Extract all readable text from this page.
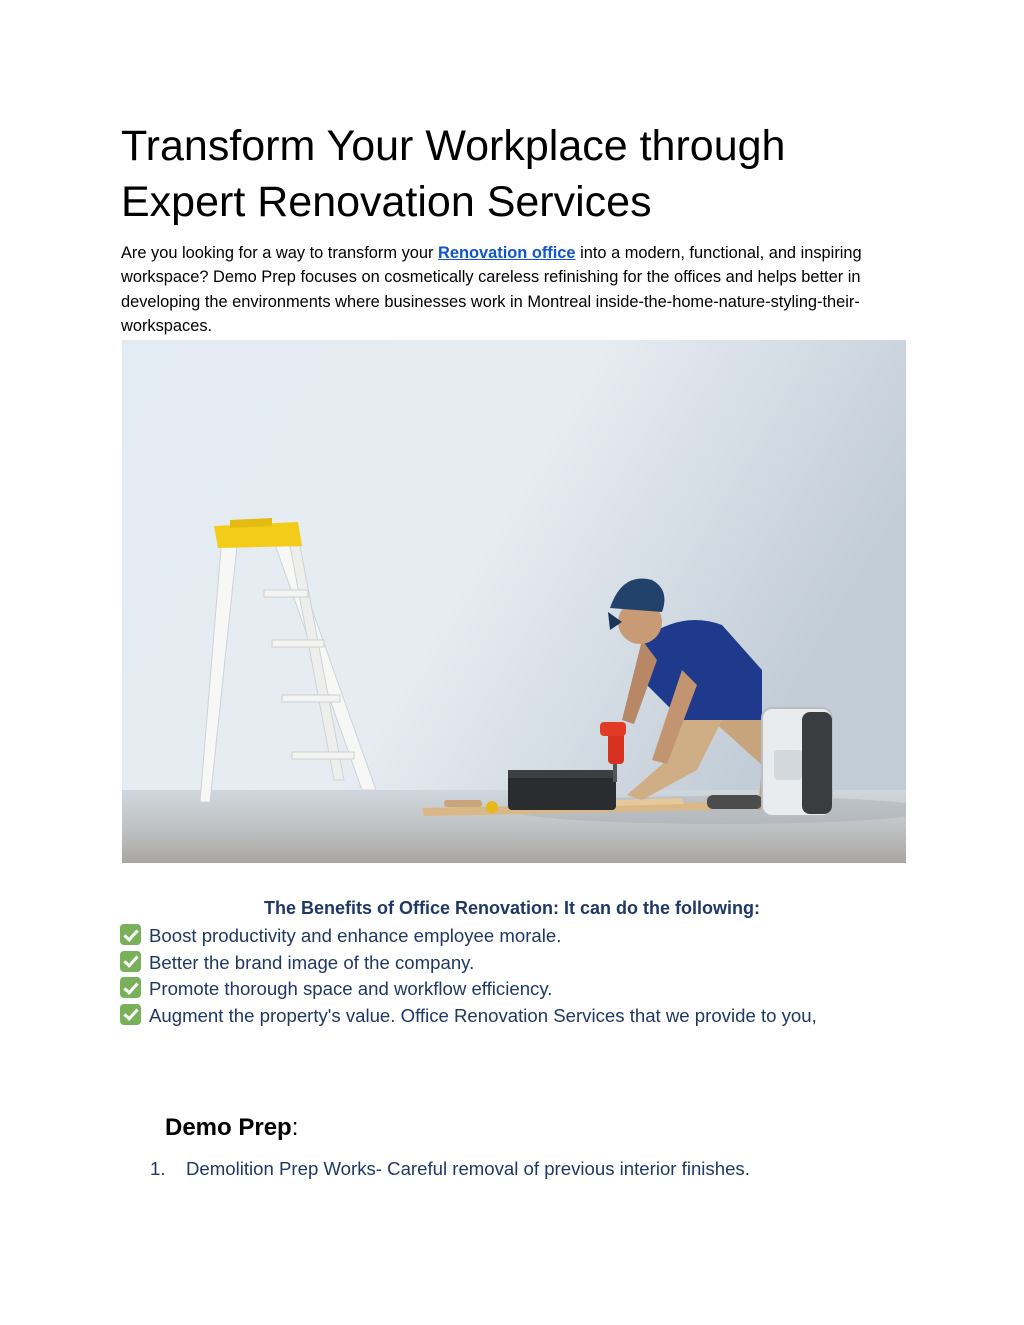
Transform Your Workplace through Expert Renovation Services

Are you looking for a way to transform your Renovation office into a modern, functional, and inspiring workspace? Demo Prep focuses on cosmetically careless refinishing for the offices and helps better in developing the environments where businesses work in Montreal inside-the-home-nature-styling-their-workspaces.

The Benefits of Office Renovation: It can do the following:

Boost productivity and enhance employee morale.
Better the brand image of the company.
Promote thorough space and workflow efficiency.
Augment the property's value. Office Renovation Services that we provide to you,
Demo Prep:
1. Demolition Prep Works- Careful removal of previous interior finishes.
